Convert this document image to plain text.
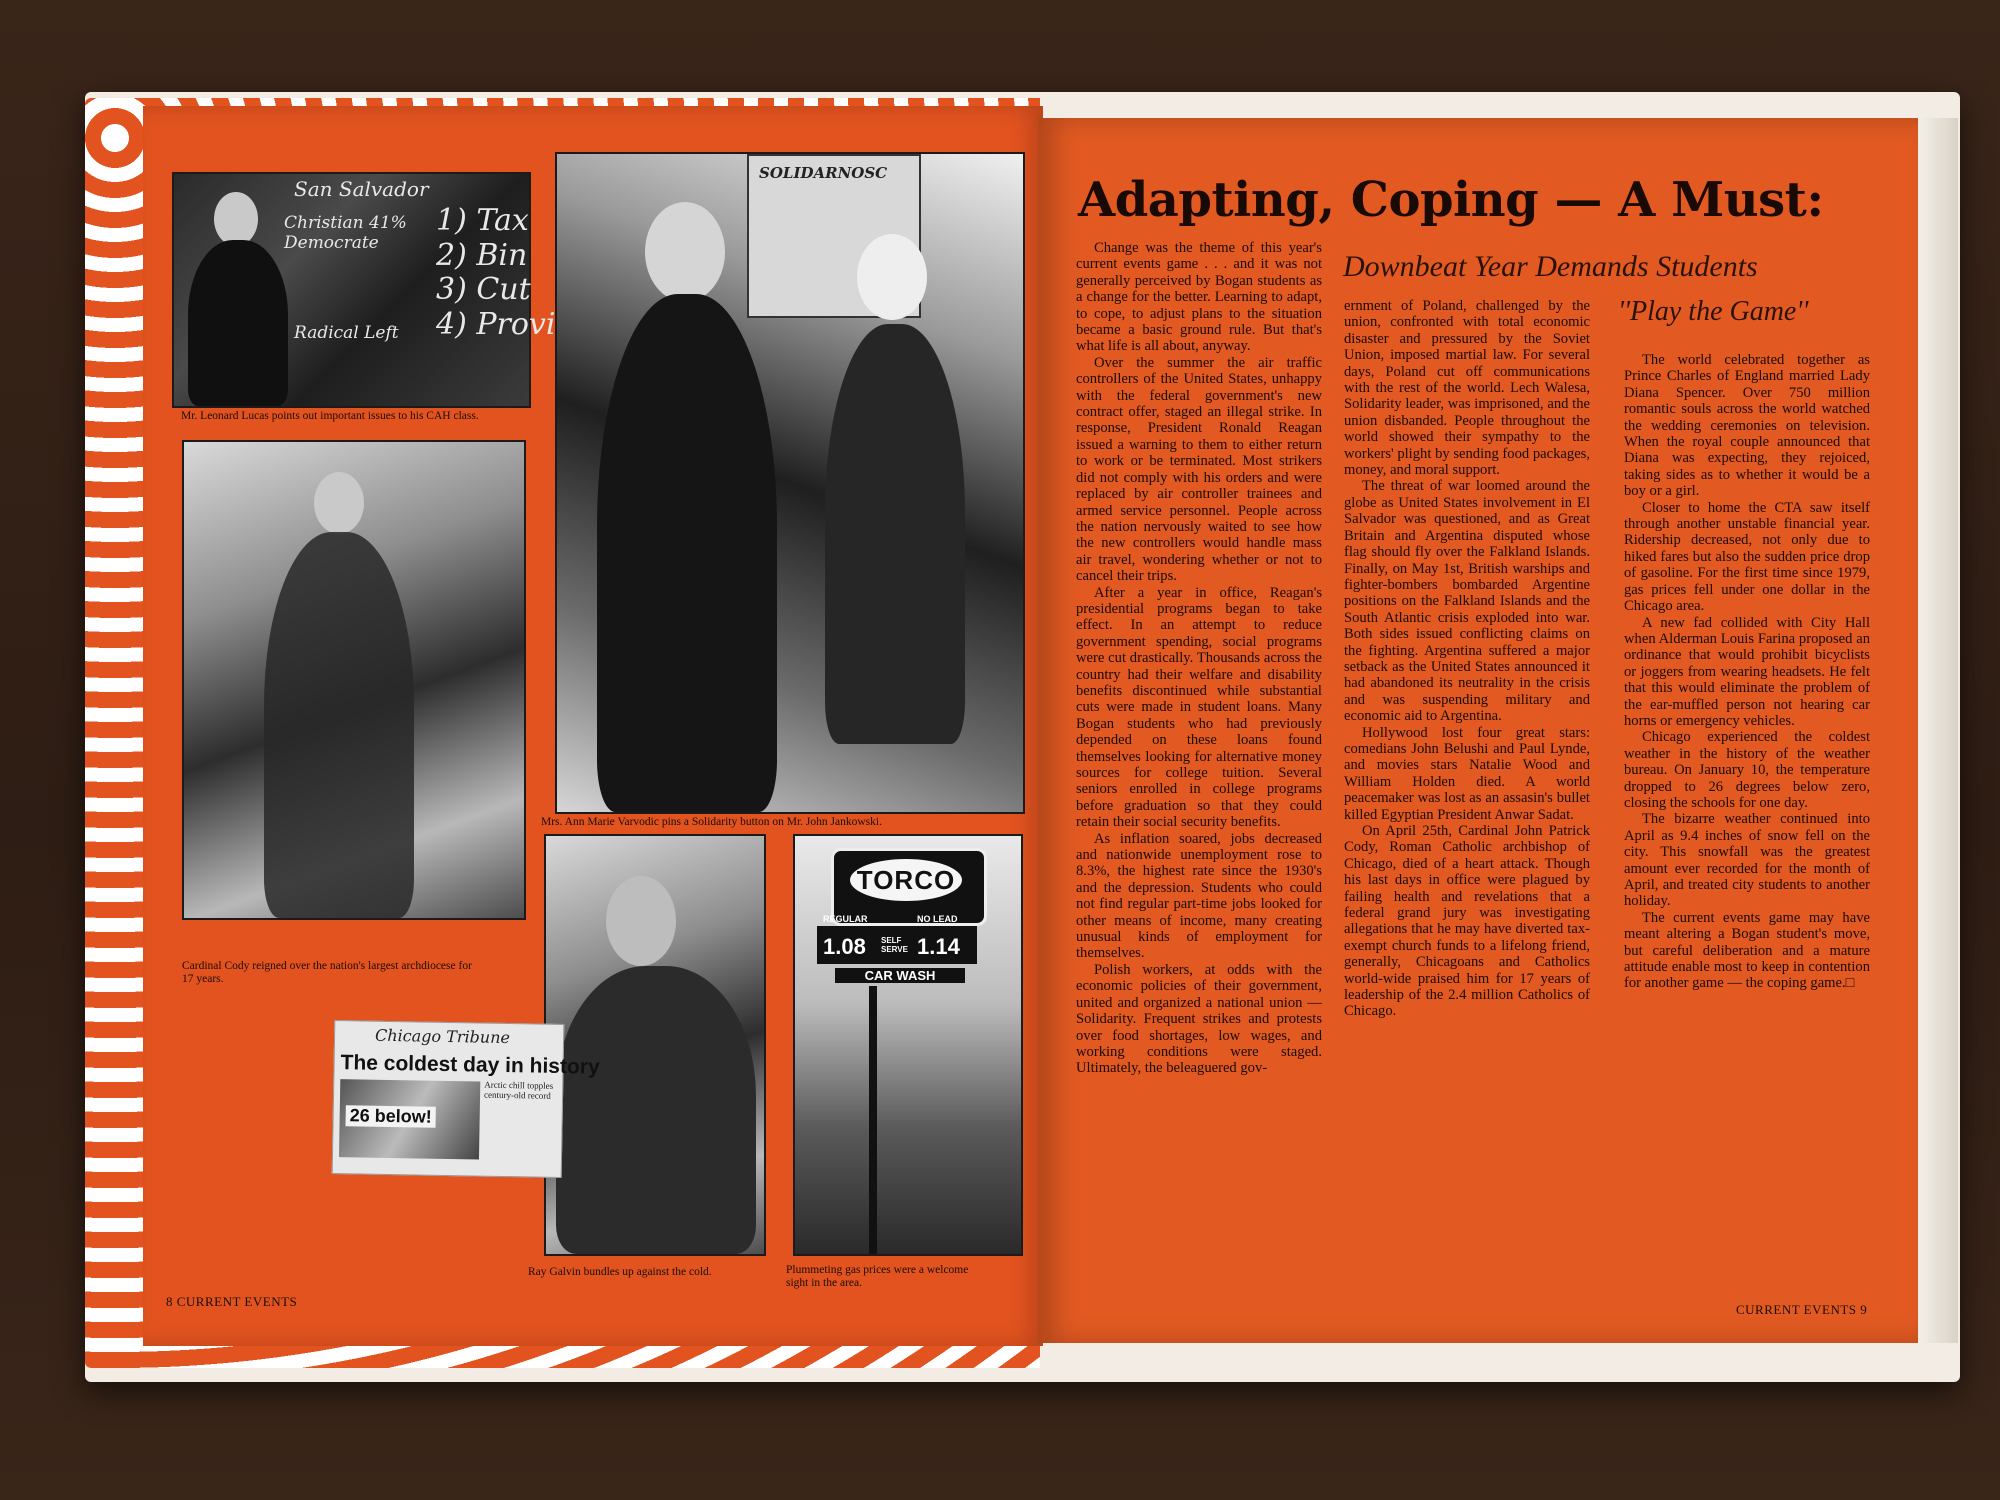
San Salvador
Christian 41%
Democrate
Radical Left
1) Tax
2) Bin
3) Cut
4) Provi
Mr. Leonard Lucas points out important issues to his CAH class.
Cardinal Cody reigned over the nation's largest archdiocese for 17 years.
SOLIDARNOSC
Mrs. Ann Marie Varvodic pins a Solidarity button on Mr. John Jankowski.
Ray Galvin bundles up against the cold.
TORCO
REGULAR
1.08 SELF SERVE
NO LEAD
1.14
CAR WASH
Plummeting gas prices were a welcome sight in the area.
Chicago Tribune
The coldest day in history
Arctic chill topples century-old record
26 below!
8 CURRENT EVENTS
Adapting, Coping — A Must:
Downbeat Year Demands Students
''Play the Game''

Change was the theme of this year's current events game . . . and it was not generally perceived by Bogan students as a change for the better. Learning to adapt, to cope, to adjust plans to the situation became a basic ground rule. But that's what life is all about, anyway.

Over the summer the air traffic controllers of the United States, unhappy with the federal government's new contract offer, staged an illegal strike. In response, President Ronald Reagan issued a warning to them to either return to work or be terminated. Most strikers did not comply with his orders and were replaced by air controller trainees and armed service personnel. People across the nation nervously waited to see how the new controllers would handle mass air travel, wondering whether or not to cancel their trips.

After a year in office, Reagan's presidential programs began to take effect. In an attempt to reduce government spending, social programs were cut drastically. Thousands across the country had their welfare and disability benefits discontinued while substantial cuts were made in student loans. Many Bogan students who had previously depended on these loans found themselves looking for alternative money sources for college tuition. Several seniors enrolled in college programs before graduation so that they could retain their social security benefits.

As inflation soared, jobs decreased and nationwide unemployment rose to 8.3%, the highest rate since the 1930's and the depression. Students who could not find regular part-time jobs looked for other means of income, many creating unusual kinds of employment for themselves.

Polish workers, at odds with the economic policies of their government, united and organized a national union — Solidarity. Frequent strikes and protests over food shortages, low wages, and working conditions were staged. Ultimately, the beleaguered gov-

ernment of Poland, challenged by the union, confronted with total economic disaster and pressured by the Soviet Union, imposed martial law. For several days, Poland cut off communications with the rest of the world. Lech Walesa, Solidarity leader, was imprisoned, and the union disbanded. People throughout the world showed their sympathy to the workers' plight by sending food packages, money, and moral support.

The threat of war loomed around the globe as United States involvement in El Salvador was questioned, and as Great Britain and Argentina disputed whose flag should fly over the Falkland Islands. Finally, on May 1st, British warships and fighter-bombers bombarded Argentine positions on the Falkland Islands and the South Atlantic crisis exploded into war. Both sides issued conflicting claims on the fighting. Argentina suffered a major setback as the United States announced it had abandoned its neutrality in the crisis and was suspending military and economic aid to Argentina.

Hollywood lost four great stars: comedians John Belushi and Paul Lynde, and movies stars Natalie Wood and William Holden died. A world peacemaker was lost as an assasin's bullet killed Egyptian President Anwar Sadat.

On April 25th, Cardinal John Patrick Cody, Roman Catholic archbishop of Chicago, died of a heart attack. Though his last days in office were plagued by failing health and revelations that a federal grand jury was investigating allegations that he may have diverted tax-exempt church funds to a lifelong friend, generally, Chicagoans and Catholics world-wide praised him for 17 years of leadership of the 2.4 million Catholics of Chicago.

The world celebrated together as Prince Charles of England married Lady Diana Spencer. Over 750 million romantic souls across the world watched the wedding ceremonies on television. When the royal couple announced that Diana was expecting, they rejoiced, taking sides as to whether it would be a boy or a girl.

Closer to home the CTA saw itself through another unstable financial year. Ridership decreased, not only due to hiked fares but also the sudden price drop of gasoline. For the first time since 1979, gas prices fell under one dollar in the Chicago area.

A new fad collided with City Hall when Alderman Louis Farina proposed an ordinance that would prohibit bicyclists or joggers from wearing headsets. He felt that this would eliminate the problem of the ear-muffled person not hearing car horns or emergency vehicles.

Chicago experienced the coldest weather in the history of the weather bureau. On January 10, the temperature dropped to 26 degrees below zero, closing the schools for one day.

The bizarre weather continued into April as 9.4 inches of snow fell on the city. This snowfall was the greatest amount ever recorded for the month of April, and treated city students to another holiday.

The current events game may have meant altering a Bogan student's move, but careful deliberation and a mature attitude enable most to keep in contention for another game — the coping game.□

CURRENT EVENTS 9
